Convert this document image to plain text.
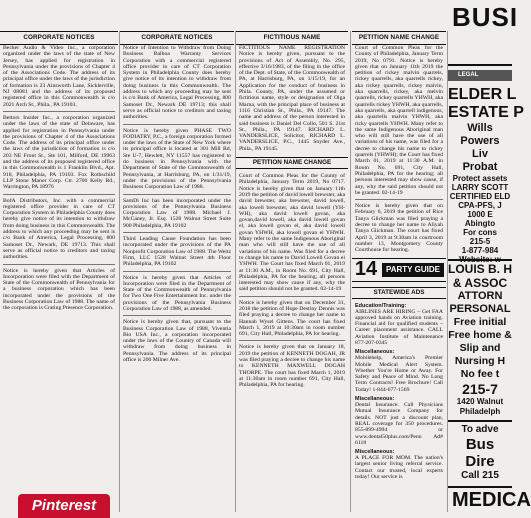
CORPORATE NOTICES

Becker Audio & Video Inc., a corporation organized under the laws of the state of New Jersey, has applied for registration in Pennsylvania under the provisions of Chapter 4 of the Associations Code. The address of its principal office under the laws of the jurisdiction of formation is 23 Ainsworth Lane, Sicklerville, NJ 08081 and the address of its proposed registered office in this Commonwealth is c/o 2021 Arch St., Phila., PA 19103.

Bettors Insider Inc., a corporation organized under the laws of the state of Delaware, has applied for registration in Pennsylvania under the provisions of Chapter 4 of the Associations Code. The address of its principal office under the laws of the jurisdiction of formation is c/o 203 NE Front St., Ste 101, Milford, DE 19963 and the address of its proposed registered office in this Commonwealth is 1 Franklin Blvd., Apt. 918, Philadelphia, PA 19103. Fox Rothschild LLP Stone Manor Corp. Ctr. 2700 Kelly Rd., Warrington, PA 18976

BofA Distributors, Inc. with a commercial registered office provider in care of CT Corporation System in Philadelphia County does hereby give notice of its intention to withdraw from doing business in this Commonwealth. The address to which any proceeding may be sent is c/o Bank of America, Legal Processing, 800 Samoset Dr., Newark, DE 19713. This shall serve as official notice to creditors and taxing authorities.

Notice is hereby given that Articles of Incorporation were filed with the Department of State of the Commonwealth of Pennsylvania for a business corporation which has been incorporated under the provisions of the Business Corporation Law of 1988. The name of the corporation is Crating Presence Corporation.

Pinterest
CORPORATE NOTICES

Notice of Intention to Withdraw from Doing Business Balboa Warranty Services Corporation with a commercial registered office provider in care of CT Corporation System in Philadelphia County does hereby give notice of its intention to withdraw from doing business in this Commonwealth. The address to which any proceeding may be sent is c/o Bank of America, Legal Processing, 800 Samoset Dr., Newark DE 19713; this shall serve as official notice to creditors and taxing authorities.

Notice is hereby given PHASE TWO FODIATRY, P.C., a foreign corporation formed under the laws of the State of New York where its principal office is located at 301 Mill Rd, Ste U-7, Hewlett, NY 11557 has registered to do business in Pennsylvania with the Department of State of the Commonwealth of Pennsylvania, at Harrisburg, PA, on 1/31/19, under the provisions of the Pennsylvania Business Corporation Law of 1988.

SamDi Inc has been incorporated under the provisions of the Pennsylvania Business Corporation Law of 1988. Michael J. McCaney, Jr. Esq. 1528 Walnut Street Suite 900 Philadelphia, PA 19102

Third Leading Cause Foundation has been incorporated under the provisions of the PA Nonprofit Corporation Law of 1988. The Weitz Firm, LLC 1528 Walnut Street 4th Floor Philadelphia, PA 19102

Notice is hereby given that Articles of Incorporation were filed in the Department of State of the Commonwealth of Pennsylvania for Two One Five Entertainment Inc. under the provisions of the Pennsylvania Business Corporation Law of 1988, as amended.

Notice is hereby given that, pursuant to the Business Corporation Law of 1988, Viventia Bio USA Inc., a corporation incorporated under the laws of the Country of Canada will withdraw from doing business in Pennsylvania. The address of its principal office is 200 Milner Ave.

FICTITIOUS NAME

FICTITIOUS NAME REGISTRATION Notice is hereby given, pursuant to the provisions of Act of Assembly, No. 295, effective 3/16/1983, of the filing in the office of the Dept. of State, of the Commonwealth of PA, at Harrisburg, PA, on 1/15/19, for an Application for the conduct of business in Phila. County, PA, under the assumed or fictitious name, style or designation of Olga Marna, with the principal place of business at 1116 Christian St., Phila., PA 19147. The name and address of the person interested in said business is Daniel Del Collo, 501 S. 21st St., Phila., PA 19147. RICHARD L. VANDERSLICE, Solicitor, RICHARD L. VANDERSLICE, P.C., 1445 Snyder Ave., Phila., PA 19145.

PETITION NAME CHANGE

Court of Common Pleas for the County of Philadelphia, January Term 2019, No 0717. Notice is hereby given that on January 11th 2019 the petition of david lowell brewster, aka david brewster, aka brewster, david lowell, aka lowell brewster, aka david lowell (YH-WH), aka david lowell govan, aka govan,david lowell, aka david lowell govan el, aka lowell govan el, aka david lowell govan YHWH, aka lowell govan el YHWH. Many refer to the same Indigenous Aboriginal man who will still have the use of all variations of his name. Was filed for a decree to change his name to David Lowell Govan el YHWH. The Court has fixed March 01, 2019 at 11:30 A.M., in Room No. 691, City Hall, Philadelphia, PA for the hearing; all persons interested may show cause if any, why the said petition should not be granted. 02-14-19

Notice is hereby given that on December 31, 2018 the petition of Hope Destiny Dennis was filed praying a decree to change her name to Hannah Wysel Gittens. The court has fixed March 1, 2019 at 10:30am in room number 691, City Hall, Philadelphia, PA for hearing.

Notice is hereby given that on January 18, 2019 the petition of KENNETH DOGAH, JR was filed praying a decree to change his name to KENNETH MAXWELL DOGAH THORPE. The court has fixed March 1, 2019 at 11:30am in room number 691, City Hall, Philadelphia, PA for hearing.

PETITION NAME CHANGE

Court of Common Pleas for the County of Philadelphia, January Term 2019, No 0791. Notice is hereby given that on January 11th 2019 the petition of rickey malvin quarrels, rickey quarrells, aka quarrells rickey, aka rickey quarrells, rickey malvin, aka quarrells, rickey, aka melvin quarrells, rickey quarrells YHWH, aka quarrells rickey YHWH, aka quarrells, aka quarrells, aka quarrell indigenous, aka quarrells malvin YHWH, aka ricky quarrells YHWH. Many refer to the same Indigenous Aboriginal man who will still have the use of all variations of his name, was filed for a decree to change his name to rickey quarrels (YHWH); the Court has fixed March 01, 2019 at 11:30 A.M. in Room No. 691, City Hall, Philadelphia, PA for the hearing; all persons interested may show cause, if any, why the said petition should not be granted. 02-14-19

Notice is hereby given that on February 6, 2019 the petition of Rice Tanya Glickman was filed praying a decree to change her name to Aliyah Tanya Glickman. The court has fixed April 3, 2019 at 9:30am in courtroom number 13, Montgomery County Courthouse for hearing.

14	PARTY GUIDE
STATEWIDE ADS
Education/Training:

AIRLINES ARE HIRING – Get FAA approved hands on Aviation training. Financial aid for qualified students – Career placement assistance. CALL Aviation Institute of Maintenance 877-207-0345

Miscellaneous:

Mobilehelp, America's Premier Mobile Medical Alert System. Whether You're Home or Away. For Safety and Peace of Mind. No Long Term Contracts! Free Brochure! Call Today! 1-844-677-1569

Miscellaneous:

Dental Insurance. Call Physicians Mutual Insurance Company for details. NOT just a discount plan, REAL coverage for 350 procedures. 855-899-4994 or www.dental50plus.com/Penn Ad# 6118

Miscellaneous:

A PLACE FOR MOM. The nation's largest senior living referral service. Contact our trusted, local experts today! Our service is

BUSI
LEGAL
ELDER L
ESTATE P
Wills
Powers
Liv
Probat
Protect assets
LARRY SCOTT
CERTIFIED ELD
CPA-PFS, J
1000 E
Abingto
For cons
215-5
1-877-984
LOUIS B. H
& ASSOC
ATTORN
PERSONAL
Free initial
Free home &
Slip and
Nursing H
No fee t
215-7
1420 Walnut
Philadelph
To adve
Bus
Dire
Call 215
MEDICA
